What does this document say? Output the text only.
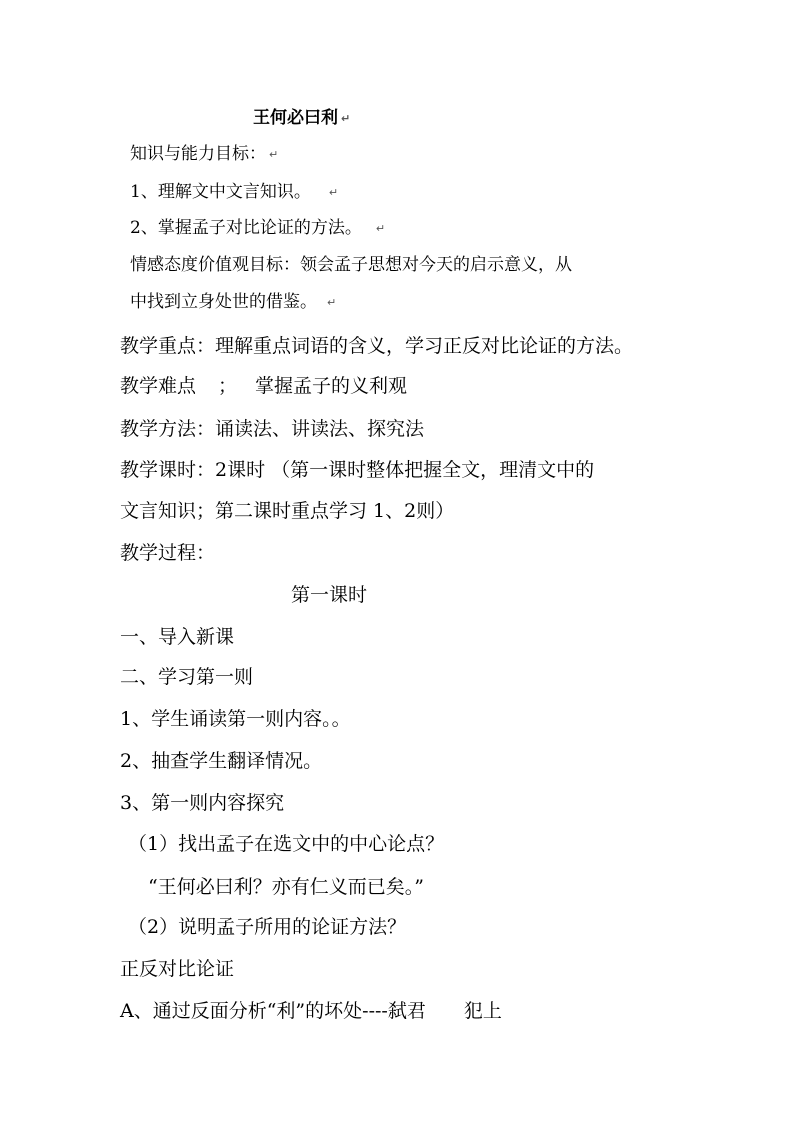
王何必曰利 ↵
知识与能力目标： ↵
1、理解文中文言知识。 ↵
2、掌握孟子对比论证的方法。 ↵
情感态度价值观目标：领会孟子思想对今天的启示意义，从
中找到立身处世的借鉴。 ↵
教学重点：理解重点词语的含义，学习正反对比论证的方法。
教学难点 ； 掌握孟子的义利观
教学方法：诵读法、讲读法、探究法
教学课时：2课时 （第一课时整体把握全文，理清文中的
文言知识；第二课时重点学习 1、2则）
教学过程：
第一课时
一、导入新课
二、学习第一则
1、学生诵读第一则内容。。
2、抽查学生翻译情况。
3、第一则内容探究
（1）找出孟子在选文中的中心论点？
“王何必曰利？亦有仁义而已矣。”
（2）说明孟子所用的论证方法？
正反对比论证
A、通过反面分析“利”的坏处----弑君　　犯上
